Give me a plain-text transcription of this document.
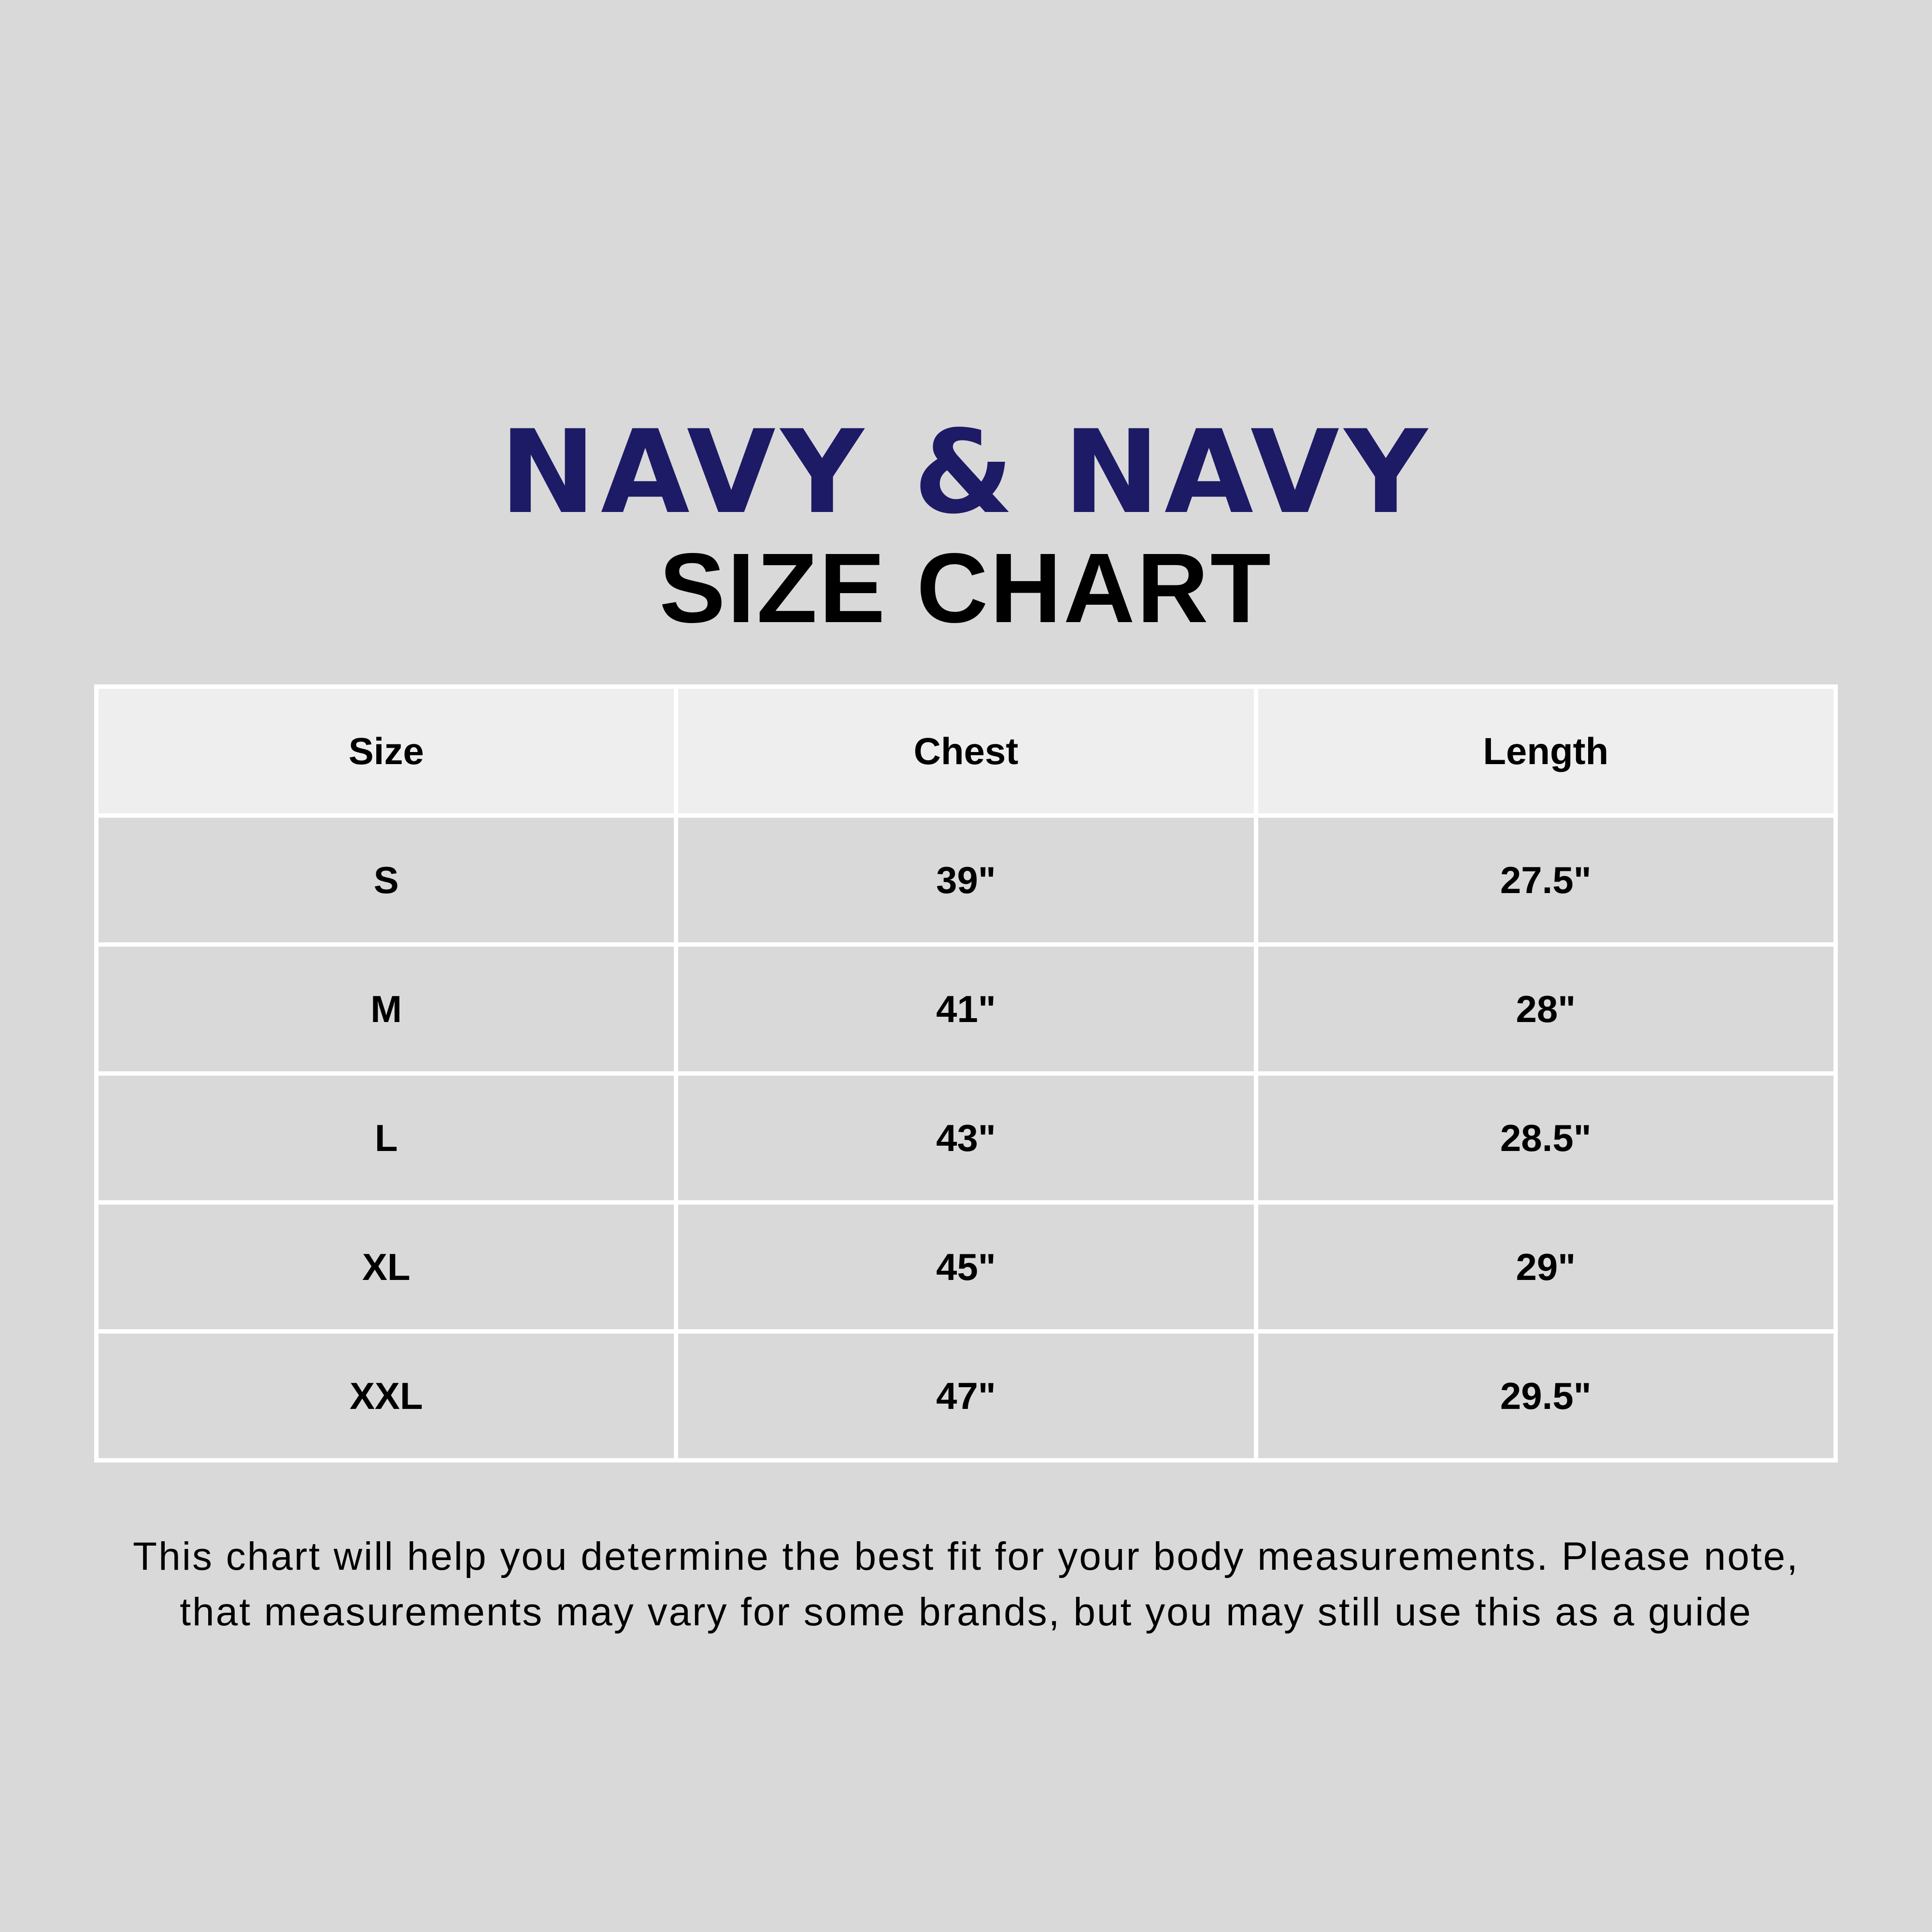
NAVY & NAVY
SIZE CHART
Size	Chest	Length
S	39"	27.5"
M	41"	28"
L	43"	28.5"
XL	45"	29"
XXL	47"	29.5"
This chart will help you determine the best fit for your body measurements. Please note,
that measurements may vary for some brands, but you may still use this as a guide
